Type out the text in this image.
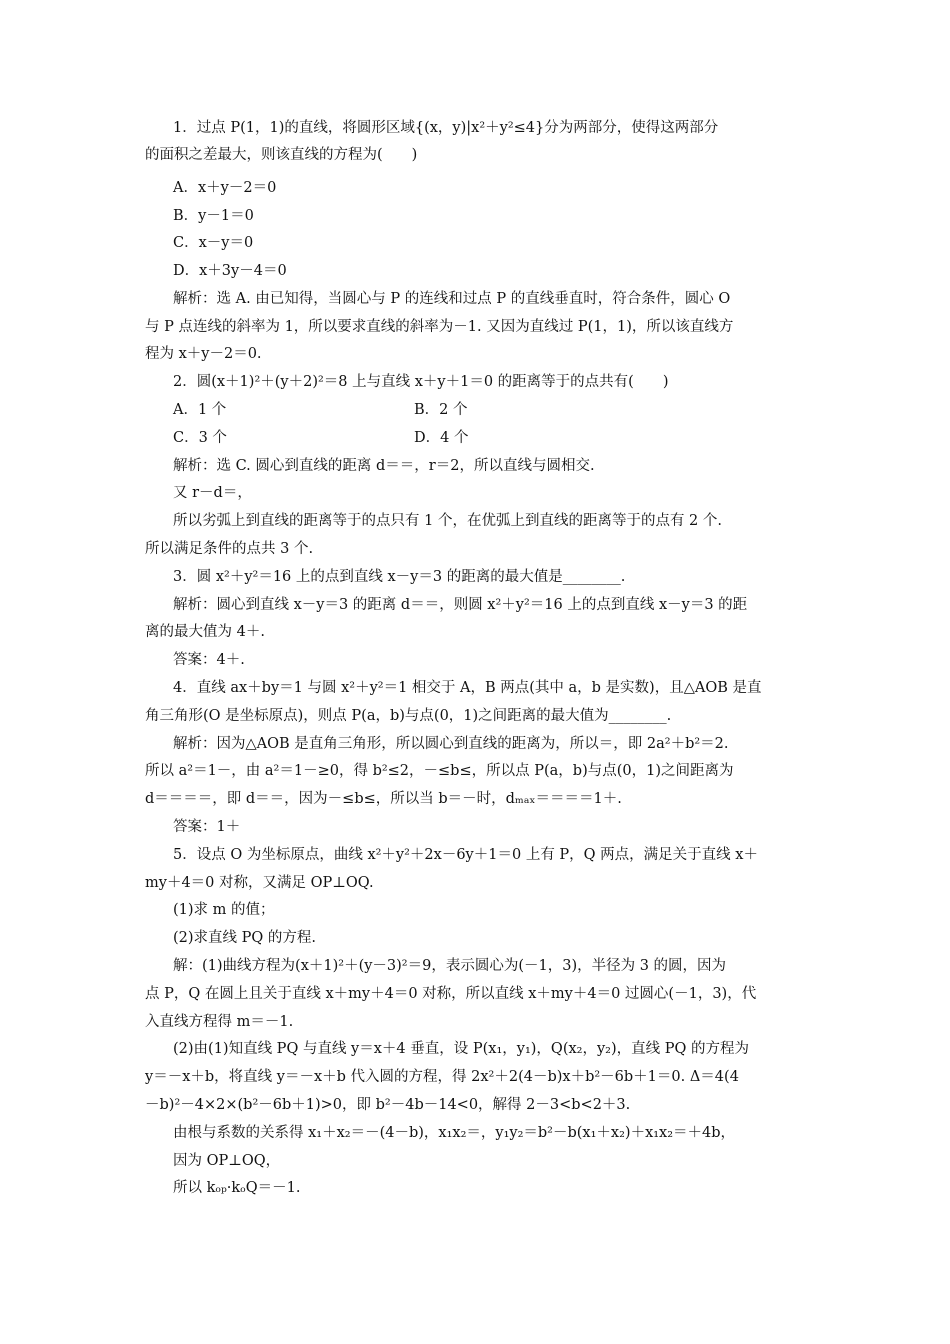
1．过点 P(1，1)的直线，将圆形区域{(x，y)|x²＋y²≤4}分为两部分，使得这两部分
的面积之差最大，则该直线的方程为(　　)
A．x＋y－2＝0
B．y－1＝0
C．x－y＝0
D．x＋3y－4＝0
解析：选 A. 由已知得，当圆心与 P 的连线和过点 P 的直线垂直时，符合条件，圆心 O
与 P 点连线的斜率为 1，所以要求直线的斜率为－1. 又因为直线过 P(1，1)，所以该直线方
程为 x＋y－2＝0.
2．圆(x＋1)²＋(y＋2)²＝8 上与直线 x＋y＋1＝0 的距离等于的点共有(　　)
A．1 个	B．2 个
C．3 个	D．4 个
解析：选 C. 圆心到直线的距离 d＝＝，r＝2，所以直线与圆相交.
又 r－d＝，
所以劣弧上到直线的距离等于的点只有 1 个，在优弧上到直线的距离等于的点有 2 个.
所以满足条件的点共 3 个.
3．圆 x²＋y²＝16 上的点到直线 x－y＝3 的距离的最大值是________.
解析：圆心到直线 x－y＝3 的距离 d＝＝，则圆 x²＋y²＝16 上的点到直线 x－y＝3 的距
离的最大值为 4＋.
答案：4＋.
4．直线 ax＋by＝1 与圆 x²＋y²＝1 相交于 A，B 两点(其中 a，b 是实数)，且△AOB 是直
角三角形(O 是坐标原点)，则点 P(a，b)与点(0，1)之间距离的最大值为________.
解析：因为△AOB 是直角三角形，所以圆心到直线的距离为，所以＝，即 2a²＋b²＝2.
所以 a²＝1－，由 a²＝1－≥0，得 b²≤2，－≤b≤，所以点 P(a，b)与点(0，1)之间距离为
d＝＝＝＝，即 d＝＝，因为－≤b≤，所以当 b＝－时，dₘₐₓ＝＝＝＝1＋.
答案：1＋
5．设点 O 为坐标原点，曲线 x²＋y²＋2x－6y＋1＝0 上有 P，Q 两点，满足关于直线 x＋
my＋4＝0 对称，又满足 OP⊥OQ.
(1)求 m 的值；
(2)求直线 PQ 的方程.
解：(1)曲线方程为(x＋1)²＋(y－3)²＝9，表示圆心为(－1，3)，半径为 3 的圆，因为
点 P，Q 在圆上且关于直线 x＋my＋4＝0 对称，所以直线 x＋my＋4＝0 过圆心(－1，3)，代
入直线方程得 m＝－1.
(2)由(1)知直线 PQ 与直线 y＝x＋4 垂直，设 P(x₁，y₁)，Q(x₂，y₂)，直线 PQ 的方程为
y＝－x＋b，将直线 y＝－x＋b 代入圆的方程，得 2x²＋2(4－b)x＋b²－6b＋1＝0. Δ＝4(4
－b)²－4×2×(b²－6b＋1)>0，即 b²－4b－14<0，解得 2－3<b<2＋3.
由根与系数的关系得 x₁＋x₂＝－(4－b)，x₁x₂＝，y₁y₂＝b²－b(x₁＋x₂)＋x₁x₂＝＋4b，
因为 OP⊥OQ，
所以 kₒₚ·kₒQ＝－1.
